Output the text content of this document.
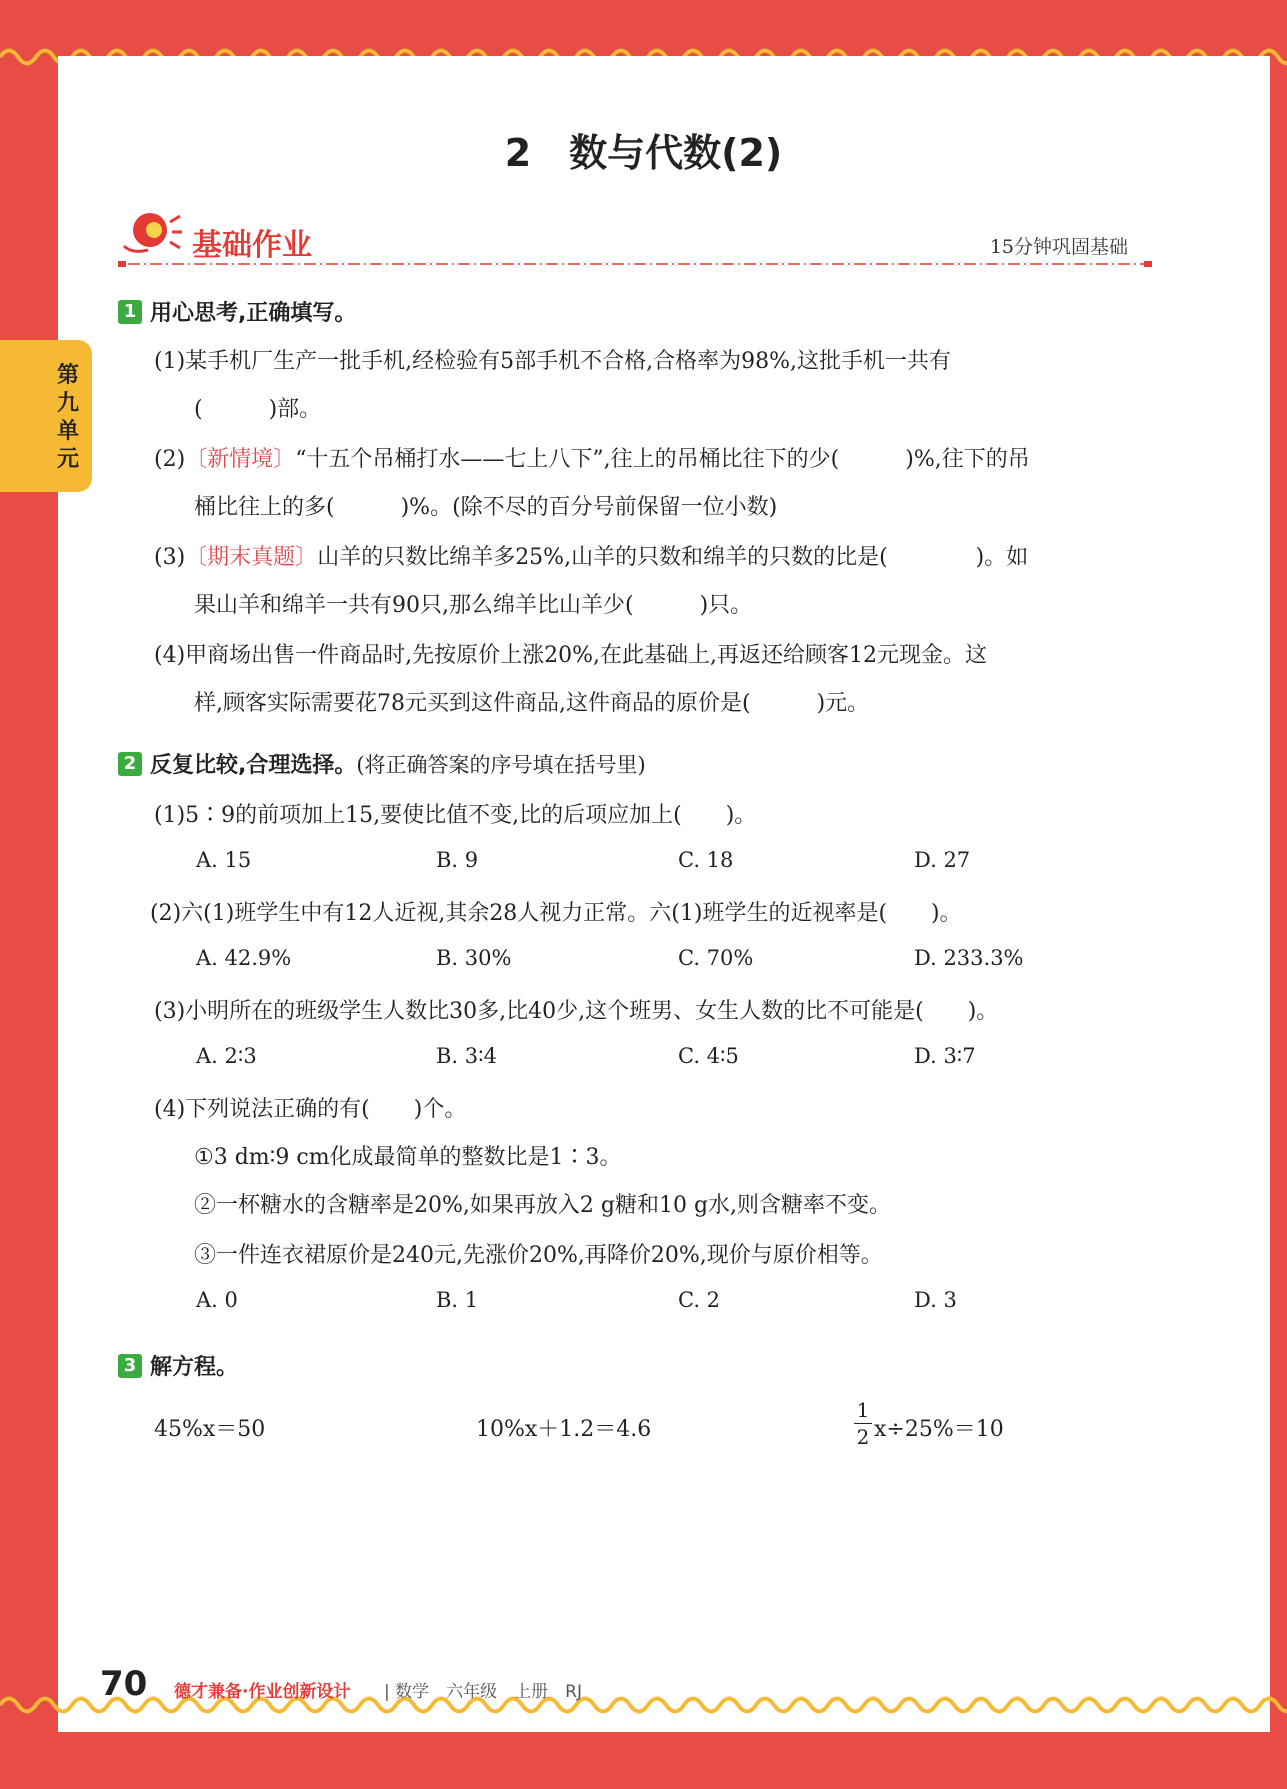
第九单元
2　数与代数(2)
基础作业	15分钟巩固基础
1 用心思考,正确填写。
(1)某手机厂生产一批手机,经检验有5部手机不合格,合格率为98%,这批手机一共有
(　　　)部。
(2)〔新情境〕“十五个吊桶打水——七上八下”,往上的吊桶比往下的少(　　　)%,往下的吊
桶比往上的多(　　　)%。(除不尽的百分号前保留一位小数)
(3)〔期末真题〕山羊的只数比绵羊多25%,山羊的只数和绵羊的只数的比是(　　　　)。如
果山羊和绵羊一共有90只,那么绵羊比山羊少(　　　)只。
(4)甲商场出售一件商品时,先按原价上涨20%,在此基础上,再返还给顾客12元现金。这
样,顾客实际需要花78元买到这件商品,这件商品的原价是(　　　)元。
2 反复比较,合理选择。 (将正确答案的序号填在括号里)
(1)5∶9的前项加上15,要使比值不变,比的后项应加上(　　)。
A. 15	B. 9	C. 18	D. 27
(2)六(1)班学生中有12人近视,其余28人视力正常。六(1)班学生的近视率是(　　)。
A. 42.9%	B. 30%	C. 70%	D. 233.3%
(3)小明所在的班级学生人数比30多,比40少,这个班男、女生人数的比不可能是(　　)。
A. 2∶3	B. 3∶4	C. 4∶5	D. 3∶7
(4)下列说法正确的有(　　)个。
①3 dm∶9 cm化成最简单的整数比是1∶3。
②一杯糖水的含糖率是20%,如果再放入2 g糖和10 g水,则含糖率不变。
③一件连衣裙原价是240元,先涨价20%,再降价20%,现价与原价相等。
A. 0	B. 1	C. 2	D. 3
3 解方程。
45%x＝50	10%x＋1.2＝4.6
1
2 x÷25%＝10
70 德才兼备·作业创新设计 | 数学　六年级　上册　RJ
